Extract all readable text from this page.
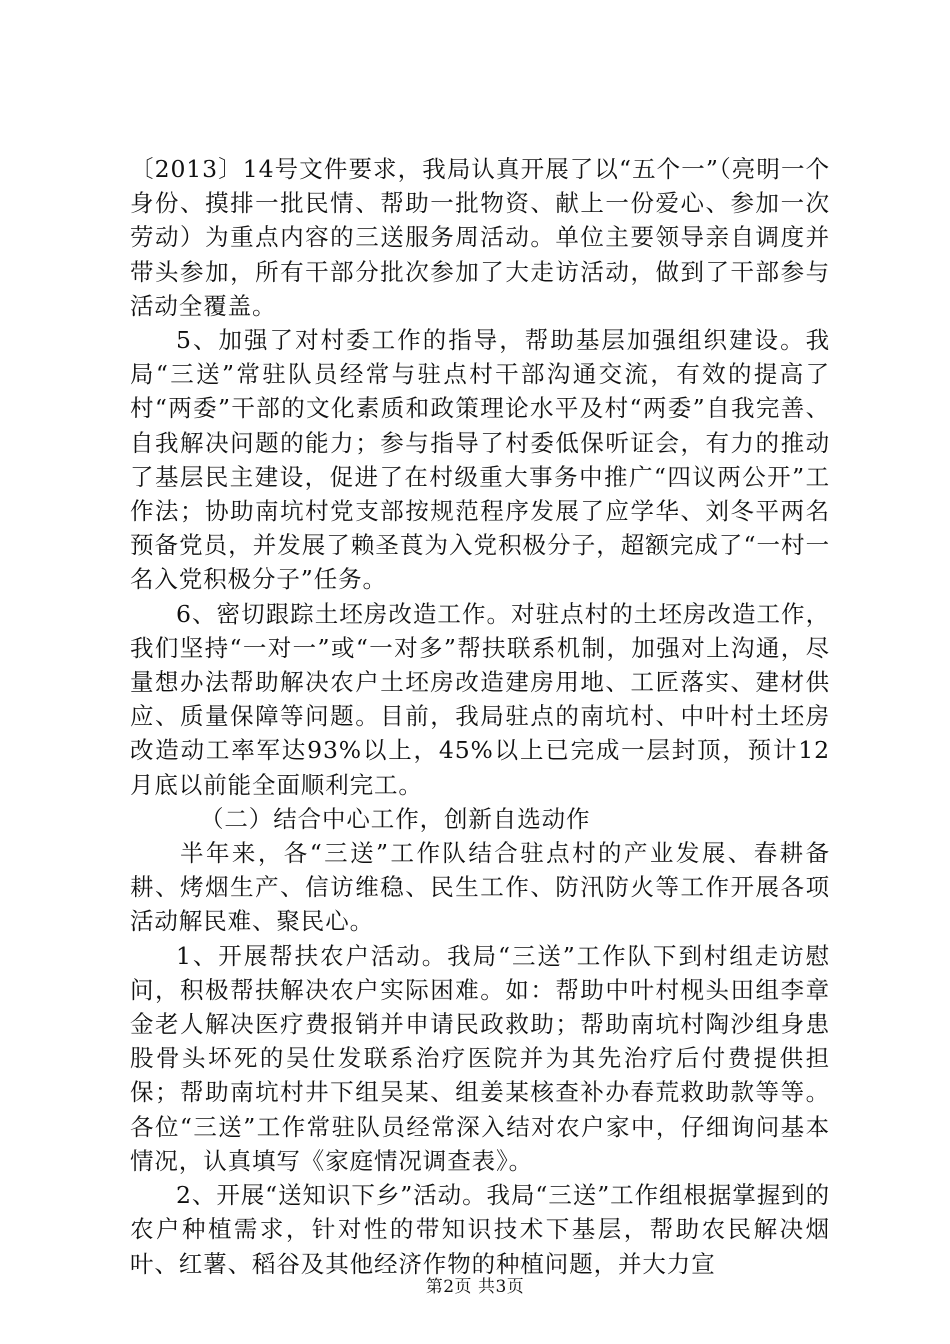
〔2013〕14号文件要求，我局认真开展了以“五个一”（亮明一个身份、摸排一批民情、帮助一批物资、献上一份爱心、参加一次劳动）为重点内容的三送服务周活动。单位主要领导亲自调度并带头参加，所有干部分批次参加了大走访活动，做到了干部参与活动全覆盖。

5、加强了对村委工作的指导，帮助基层加强组织建设。我局“三送”常驻队员经常与驻点村干部沟通交流，有效的提高了村“两委”干部的文化素质和政策理论水平及村“两委”自我完善、自我解决问题的能力；参与指导了村委低保听证会，有力的推动了基层民主建设，促进了在村级重大事务中推广“四议两公开”工作法；协助南坑村党支部按规范程序发展了应学华、刘冬平两名预备党员，并发展了赖圣莨为入党积极分子，超额完成了“一村一名入党积极分子”任务。

6、密切跟踪土坯房改造工作。对驻点村的土坯房改造工作，我们坚持“一对一”或“一对多”帮扶联系机制，加强对上沟通，尽量想办法帮助解决农户土坯房改造建房用地、工匠落实、建材供应、质量保障等问题。目前，我局驻点的南坑村、中叶村土坯房改造动工率军达93%以上，45%以上已完成一层封顶，预计12月底以前能全面顺利完工。

（二）结合中心工作，创新自选动作

半年来，各“三送”工作队结合驻点村的产业发展、春耕备耕、烤烟生产、信访维稳、民生工作、防汛防火等工作开展各项活动解民难、聚民心。

1、开展帮扶农户活动。我局“三送”工作队下到村组走访慰问，积极帮扶解决农户实际困难。如：帮助中叶村枧头田组李章金老人解决医疗费报销并申请民政救助；帮助南坑村陶沙组身患股骨头坏死的吴仕发联系治疗医院并为其先治疗后付费提供担保；帮助南坑村井下组吴某、组姜某核查补办春荒救助款等等。各位“三送”工作常驻队员经常深入结对农户家中，仔细询问基本情况，认真填写《家庭情况调查表》。

2、开展“送知识下乡”活动。我局“三送”工作组根据掌握到的农户种植需求，针对性的带知识技术下基层，帮助农民解决烟叶、红薯、稻谷及其他经济作物的种植问题，并大力宣

第2页 共3页
